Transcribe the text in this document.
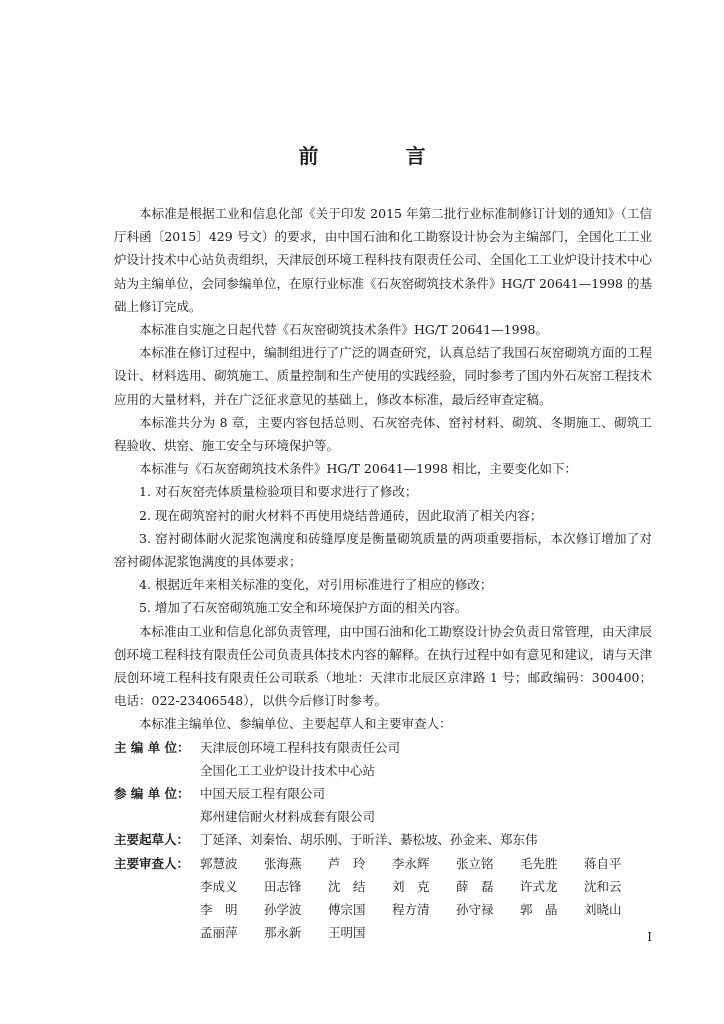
前 言

本标准是根据工业和信息化部《关于印发 2015 年第二批行业标准制修订计划的通知》（工信厅科函〔2015〕429 号文）的要求，由中国石油和化工勘察设计协会为主编部门，全国化工工业炉设计技术中心站负责组织，天津辰创环境工程科技有限责任公司、全国化工工业炉设计技术中心站为主编单位，会同参编单位，在原行业标准《石灰窑砌筑技术条件》HG/T 20641—1998 的基础上修订完成。

本标准自实施之日起代替《石灰窑砌筑技术条件》HG/T 20641—1998。

本标准在修订过程中，编制组进行了广泛的调查研究，认真总结了我国石灰窑砌筑方面的工程设计、材料选用、砌筑施工、质量控制和生产使用的实践经验，同时参考了国内外石灰窑工程技术应用的大量材料，并在广泛征求意见的基础上，修改本标准，最后经审查定稿。

本标准共分为 8 章，主要内容包括总则、石灰窑壳体、窑衬材料、砌筑、冬期施工、砌筑工程验收、烘窑、施工安全与环境保护等。

本标准与《石灰窑砌筑技术条件》HG/T 20641—1998 相比，主要变化如下：

1. 对石灰窑壳体质量检验项目和要求进行了修改；

2. 现在砌筑窑衬的耐火材料不再使用烧结普通砖，因此取消了相关内容；

3. 窑衬砌体耐火泥浆饱满度和砖缝厚度是衡量砌筑质量的两项重要指标，本次修订增加了对窑衬砌体泥浆饱满度的具体要求；

4. 根据近年来相关标准的变化，对引用标准进行了相应的修改；

5. 增加了石灰窑砌筑施工安全和环境保护方面的相关内容。

本标准由工业和信息化部负责管理，由中国石油和化工勘察设计协会负责日常管理，由天津辰创环境工程科技有限责任公司负责具体技术内容的解释。在执行过程中如有意见和建议，请与天津辰创环境工程科技有限责任公司联系（地址：天津市北辰区京津路 1 号；邮政编码：300400；电话：022-23406548），以供今后修订时参考。

本标准主编单位、参编单位、主要起草人和主要审查人：

主 编 单 位： 天津辰创环境工程科技有限责任公司

全国化工工业炉设计技术中心站

参 编 单 位： 中国天辰工程有限公司

郑州建信耐火材料成套有限公司

主要起草人： 丁延泽、刘秦怡、胡乐刚、于昕洋、綦松坡、孙金来、郑东伟

主要审查人： 郭慧波	张海燕	芦　玲	李永辉	张立铭	毛先胜	蒋自平
李成义	田志锋	沈　结	刘　克	薛　磊	许式龙	沈和云
李　明	孙学波	傅宗国	程方清	孙守禄	郭　晶	刘晓山
孟丽萍	那永新	王明国	I
